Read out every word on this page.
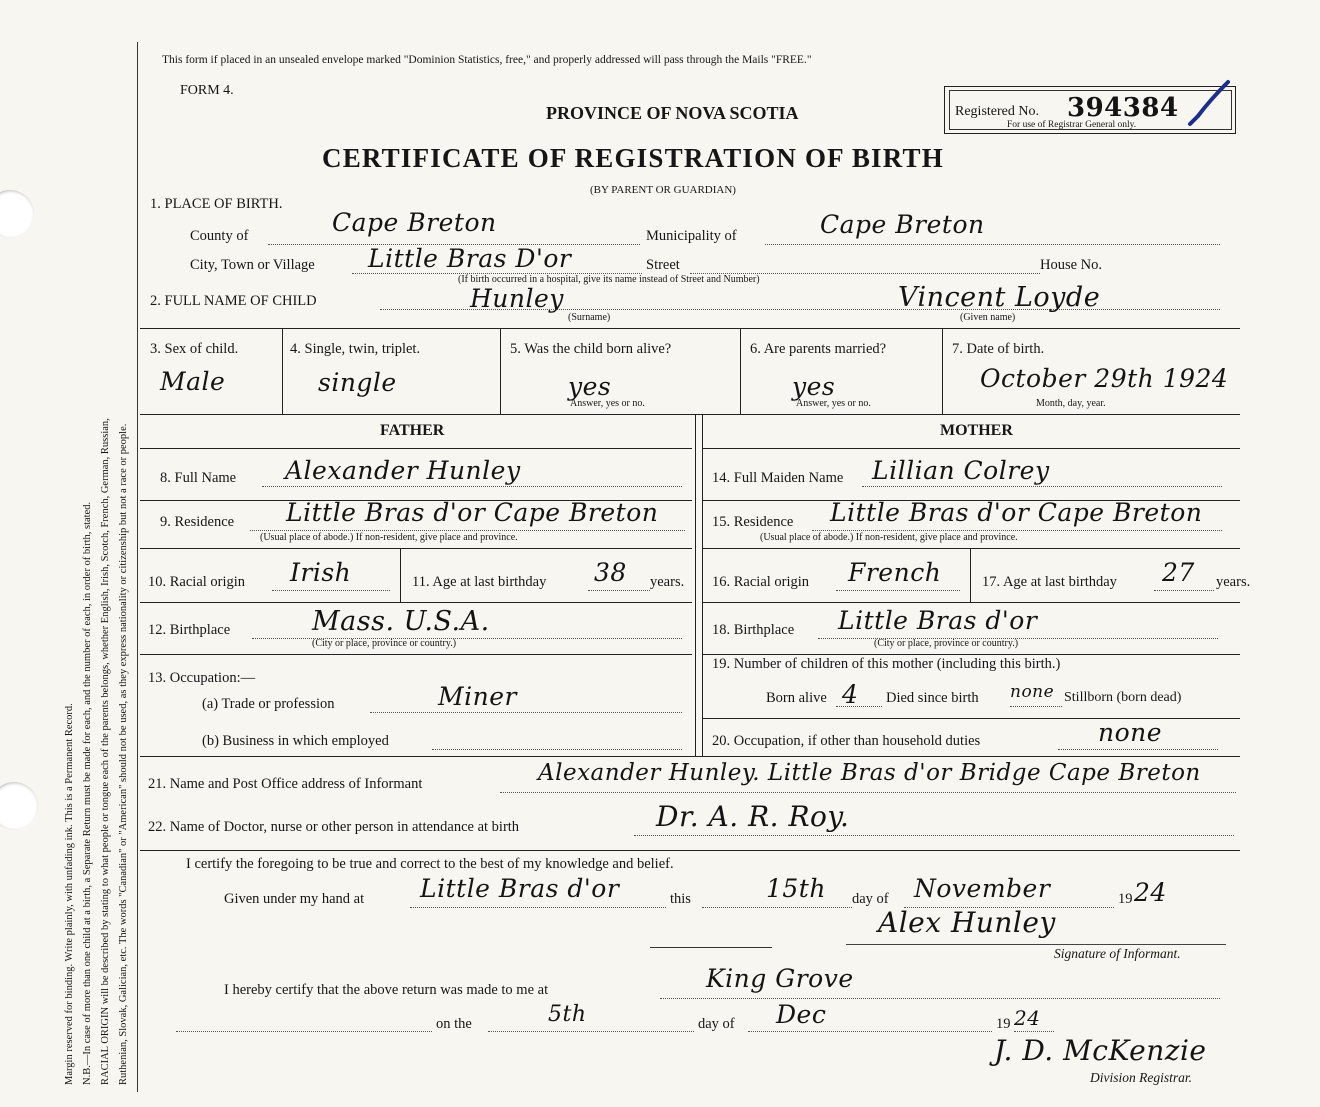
Margin reserved for binding. Write plainly, with unfading ink. This is a Permanent Record. N.B.—In case of more than one child at a birth, a Separate Return must be made for each, and the number of each, in order of birth, stated. RACIAL ORIGIN will be described by stating to what people or tongue each of the parents belongs, whether English, Irish, Scotch, French, German, Russian, Ruthenian, Slovak, Galician, etc. The words "Canadian" or "American" should not be used, as they express nationality or citizenship but not a race or people.
This form if placed in an unsealed envelope marked "Dominion Statistics, free," and properly addressed will pass through the Mails "FREE."
FORM 4.
PROVINCE OF NOVA SCOTIA	Registered No. 394384
For use of Registrar General only.
CERTIFICATE OF REGISTRATION OF BIRTH
(BY PARENT OR GUARDIAN)
1. PLACE OF BIRTH.
County of	Cape Breton	Municipality of	Cape Breton
City, Town or Village Little Bras D'or	Street	House No.
(If birth occurred in a hospital, give its name instead of Street and Number)
2. FULL NAME OF CHILD	Hunley
(Surname)
Vincent Loyde
(Given name)
3. Sex of child.
Male
4. Single, twin, triplet.
single
5. Was the child born alive?
yes
Answer, yes or no.
6. Are parents married?
yes
Answer, yes or no.
7. Date of birth.
October 29th 1924
Month, day, year.
FATHER	MOTHER
8. Full Name Alexander Hunley
9. Residence Little Bras d'or Cape Breton
(Usual place of abode.) If non-resident, give place and province.
10. Racial origin Irish	11. Age at last birthday 38 years.
12. Birthplace	Mass. U.S.A.
(City or place, province or country.)
13. Occupation:—
(a) Trade or profession	Miner
(b) Business in which employed
14. Full Maiden Name Lillian Colrey
15. Residence Little Bras d'or Cape Breton
(Usual place of abode.) If non-resident, give place and province.
16. Racial origin French	17. Age at last birthday 27 years.
18. Birthplace Little Bras d'or
(City or place, province or country.)
19. Number of children of this mother (including this birth.)
Born alive 4 Died since birth none Stillborn (born dead)
20. Occupation, if other than household duties	none
21. Name and Post Office address of Informant	Alexander Hunley. Little Bras d'or Bridge Cape Breton
22. Name of Doctor, nurse or other person in attendance at birth	Dr. A. R. Roy.
I certify the foregoing to be true and correct to the best of my knowledge and belief.
Given under my hand at Little Bras d'or	this	15th day of November	19 24
Alex Hunley
Signature of Informant.
I hereby certify that the above return was made to me at	King Grove
on the	5th	day of Dec	19 24
J. D. McKenzie
Division Registrar.
